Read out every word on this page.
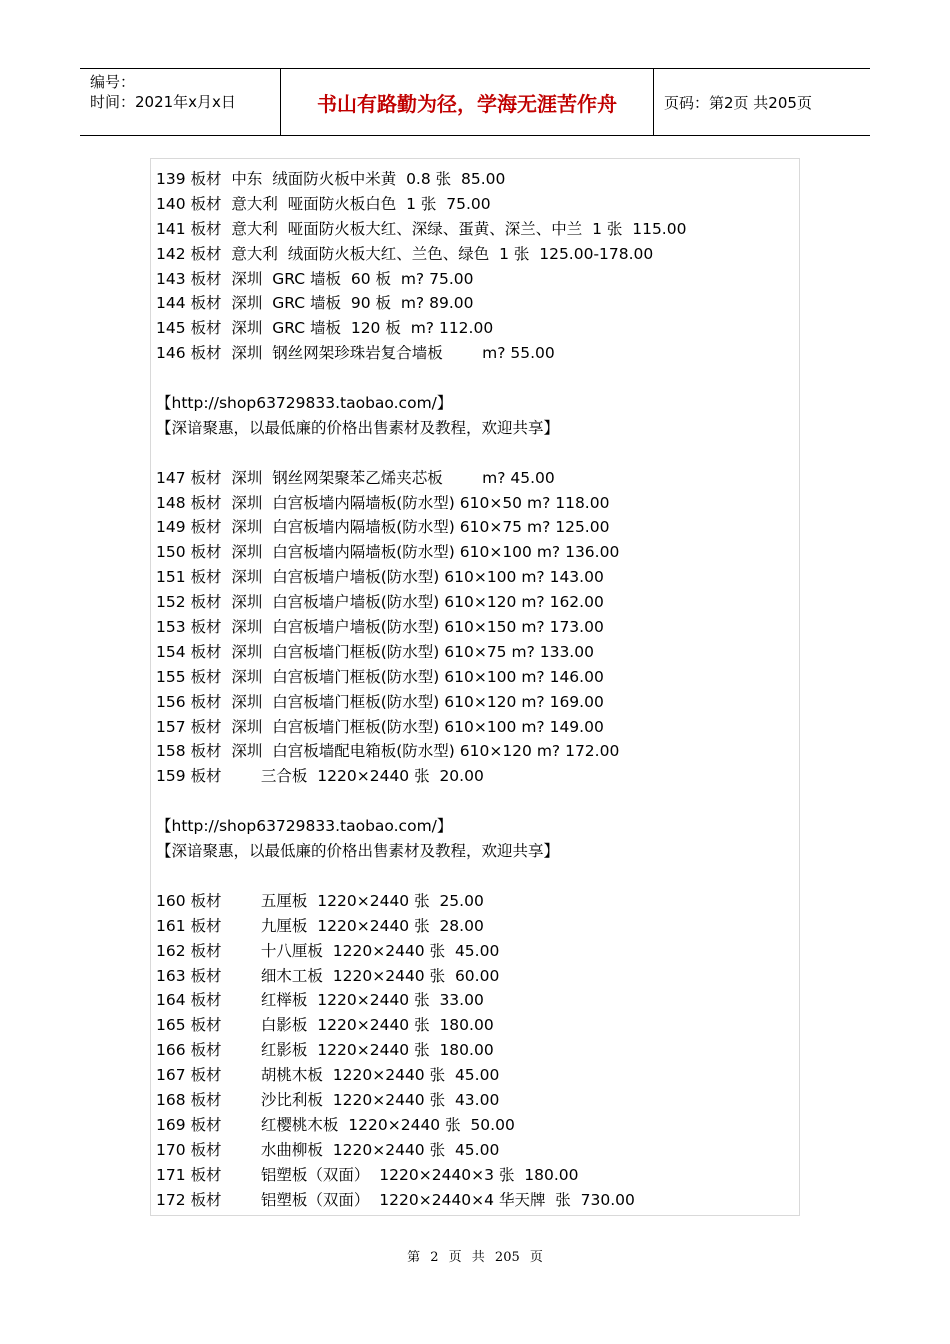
编号：
时间：2021年x月x日	书山有路勤为径，学海无涯苦作舟	页码：第2页 共205页
139 板材  中东  绒面防火板中米黄  0.8 张  85.00
140 板材  意大利  哑面防火板白色  1 张  75.00
141 板材  意大利  哑面防火板大红、深绿、蛋黄、深兰、中兰  1 张  115.00
142 板材  意大利  绒面防火板大红、兰色、绿色  1 张  125.00-178.00
143 板材  深圳  GRC 墙板  60 板  m? 75.00
144 板材  深圳  GRC 墙板  90 板  m? 89.00
145 板材  深圳  GRC 墙板  120 板  m? 112.00
146 板材  深圳  钢丝网架珍珠岩复合墙板        m? 55.00
【http://shop63729833.taobao.com/】
【深谙聚惠，以最低廉的价格出售素材及教程，欢迎共享】
147 板材  深圳  钢丝网架聚苯乙烯夹芯板        m? 45.00
148 板材  深圳  白宫板墙内隔墙板(防水型) 610×50 m? 118.00
149 板材  深圳  白宫板墙内隔墙板(防水型) 610×75 m? 125.00
150 板材  深圳  白宫板墙内隔墙板(防水型) 610×100 m? 136.00
151 板材  深圳  白宫板墙户墙板(防水型) 610×100 m? 143.00
152 板材  深圳  白宫板墙户墙板(防水型) 610×120 m? 162.00
153 板材  深圳  白宫板墙户墙板(防水型) 610×150 m? 173.00
154 板材  深圳  白宫板墙门框板(防水型) 610×75 m? 133.00
155 板材  深圳  白宫板墙门框板(防水型) 610×100 m? 146.00
156 板材  深圳  白宫板墙门框板(防水型) 610×120 m? 169.00
157 板材  深圳  白宫板墙门框板(防水型) 610×100 m? 149.00
158 板材  深圳  白宫板墙配电箱板(防水型) 610×120 m? 172.00
159 板材        三合板  1220×2440 张  20.00
【http://shop63729833.taobao.com/】
【深谙聚惠，以最低廉的价格出售素材及教程，欢迎共享】
160 板材        五厘板  1220×2440 张  25.00
161 板材        九厘板  1220×2440 张  28.00
162 板材        十八厘板  1220×2440 张  45.00
163 板材        细木工板  1220×2440 张  60.00
164 板材        红榉板  1220×2440 张  33.00
165 板材        白影板  1220×2440 张  180.00
166 板材        红影板  1220×2440 张  180.00
167 板材        胡桃木板  1220×2440 张  45.00
168 板材        沙比利板  1220×2440 张  43.00
169 板材        红樱桃木板  1220×2440 张  50.00
170 板材        水曲柳板  1220×2440 张  45.00
171 板材        铝塑板（双面）  1220×2440×3 张  180.00
172 板材        铝塑板（双面）  1220×2440×4 华天牌  张  730.00
第 2 页 共 205 页
